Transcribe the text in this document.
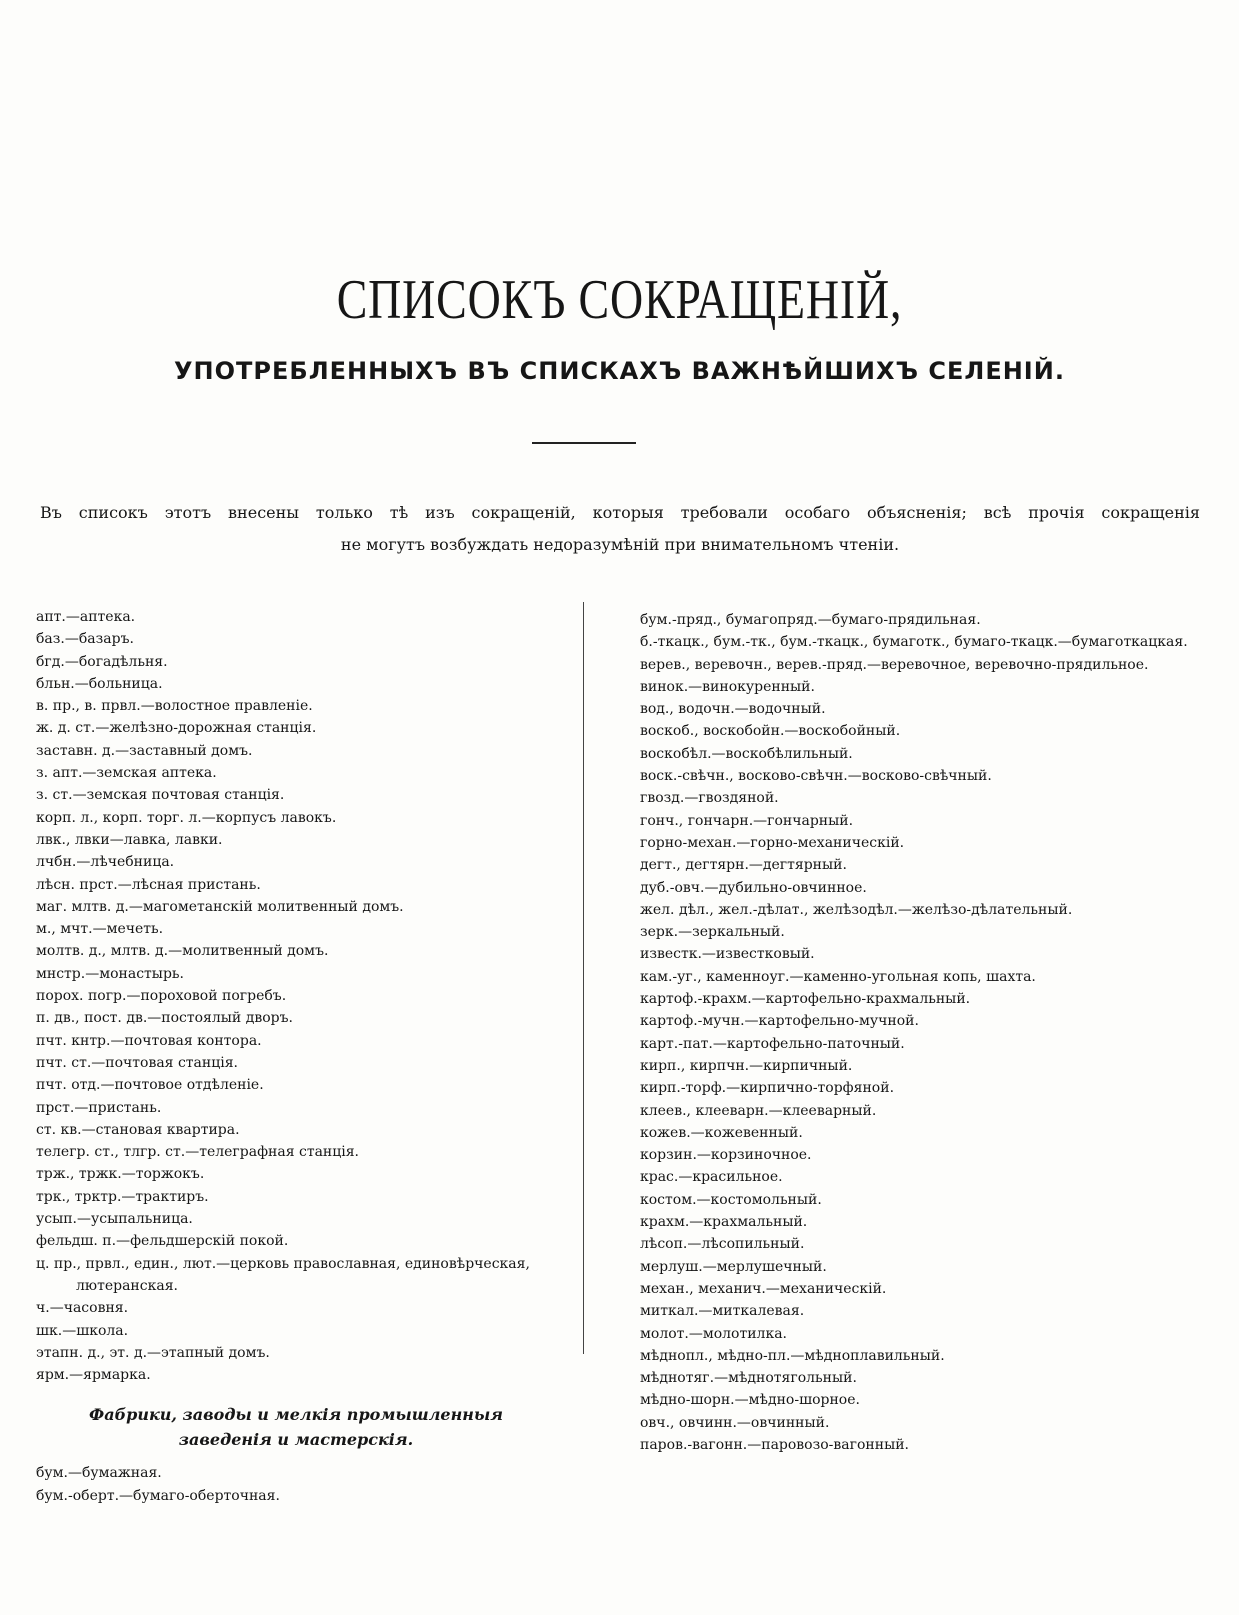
СПИСОКЪ СОКРАЩЕНІЙ,
УПОТРЕБЛЕННЫХЪ ВЪ СПИСКАХЪ ВАЖНѢЙШИХЪ СЕЛЕНІЙ.

Въ списокъ этотъ внесены только тѣ изъ сокращеній, которыя требовали особаго объясненія; всѣ прочія сокращенія
не могутъ возбуждать недоразумѣній при внимательномъ чтеніи.

апт.—аптека.

баз.—базаръ.

бгд.—богадѣльня.

бльн.—больница.

в. пр., в. првл.—волостное правленіе.

ж. д. ст.—желѣзно-дорожная станція.

заставн. д.—заставный домъ.

з. апт.—земская аптека.

з. ст.—земская почтовая станція.

корп. л., корп. торг. л.—корпусъ лавокъ.

лвк., лвки—лавка, лавки.

лчбн.—лѣчебница.

лѣсн. прст.—лѣсная пристань.

маг. млтв. д.—магометанскій молитвенный домъ.

м., мчт.—мечеть.

молтв. д., млтв. д.—молитвенный домъ.

мнстр.—монастырь.

порох. погр.—пороховой погребъ.

п. дв., пост. дв.—постоялый дворъ.

пчт. кнтр.—почтовая контора.

пчт. ст.—почтовая станція.

пчт. отд.—почтовое отдѣленіе.

прст.—пристань.

ст. кв.—становая квартира.

телегр. ст., тлгр. ст.—телеграфная станція.

трж., тржк.—торжокъ.

трк., трктр.—трактиръ.

усып.—усыпальница.

фельдш. п.—фельдшерскій покой.

ц. пр., првл., един., лют.—церковь православная, единовѣрческая, лютеранская.

ч.—часовня.

шк.—школа.

этапн. д., эт. д.—этапный домъ.

ярм.—ярмарка.

Фабрики, заводы и мелкія промышленныя заведенія и мастерскія.

бум.—бумажная.

бум.-оберт.—бумаго-оберточная.

бум.-пряд., бумагопряд.—бумаго-прядильная.

б.-ткацк., бум.-тк., бум.-ткацк., бумаготк., бумаго-ткацк.—бумаготкацкая.

верев., веревочн., верев.-пряд.—веревочное, веревочно-прядильное.

винок.—винокуренный.

вод., водочн.—водочный.

воскоб., воскобойн.—воскобойный.

воскобѣл.—воскобѣлильный.

воск.-свѣчн., восково-свѣчн.—восково-свѣчный.

гвозд.—гвоздяной.

гонч., гончарн.—гончарный.

горно-механ.—горно-механическій.

дегт., дегтярн.—дегтярный.

дуб.-овч.—дубильно-овчинное.

жел. дѣл., жел.-дѣлат., желѣзодѣл.—желѣзо-дѣлательный.

зерк.—зеркальный.

известк.—известковый.

кам.-уг., каменноуг.—каменно-угольная копь, шахта.

картоф.-крахм.—картофельно-крахмальный.

картоф.-мучн.—картофельно-мучной.

карт.-пат.—картофельно-паточный.

кирп., кирпчн.—кирпичный.

кирп.-торф.—кирпично-торфяной.

клеев., клееварн.—клееварный.

кожев.—кожевенный.

корзин.—корзиночное.

крас.—красильное.

костом.—костомольный.

крахм.—крахмальный.

лѣсоп.—лѣсопильный.

мерлуш.—мерлушечный.

механ., механич.—механическій.

миткал.—миткалевая.

молот.—молотилка.

мѣднопл., мѣдно-пл.—мѣдноплавильный.

мѣднотяг.—мѣднотягольный.

мѣдно-шорн.—мѣдно-шорное.

овч., овчинн.—овчинный.

паров.-вагонн.—паровозо-вагонный.
